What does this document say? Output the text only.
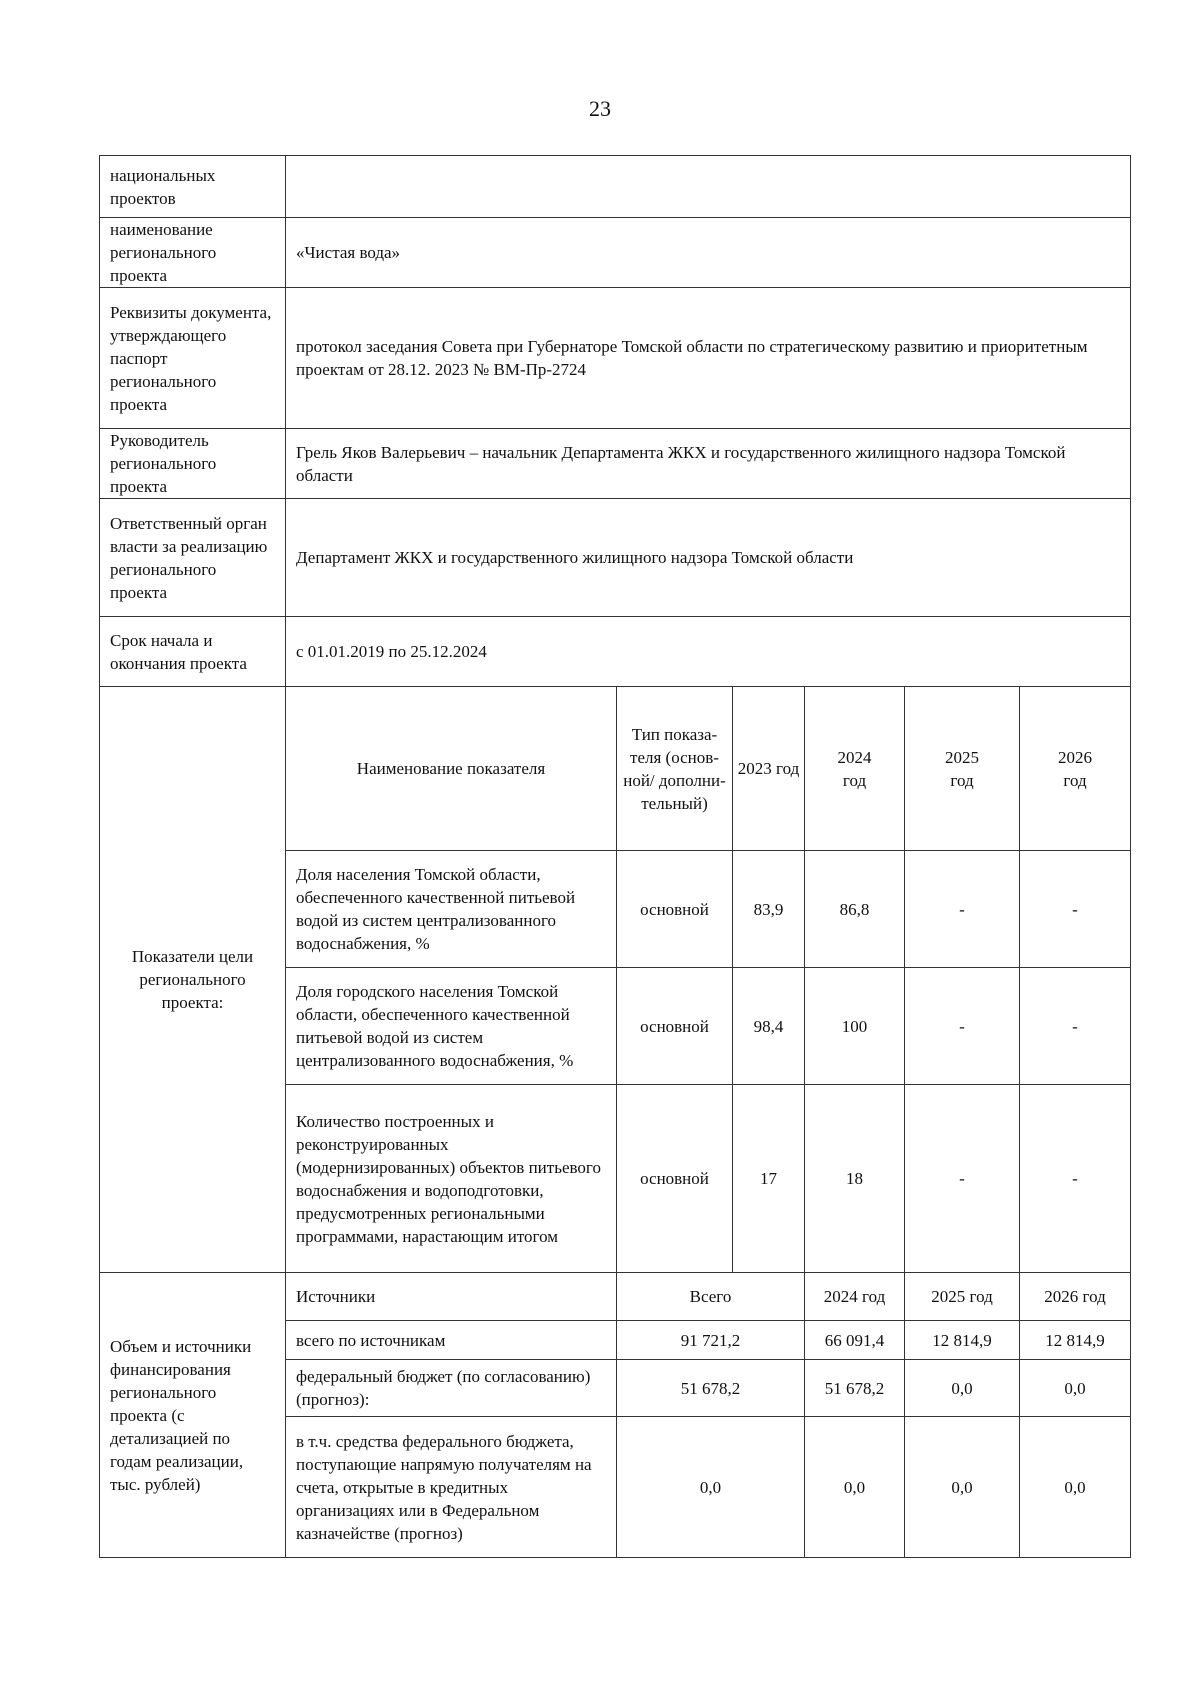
23
национальных проектов						
наименование регионального проекта	«Чистая вода»					
Реквизиты документа, утверждающего паспорт регионального проекта	протокол заседания Совета при Губернаторе Томской области по стратегическому развитию и приоритетным проектам от 28.12. 2023 № ВМ-Пр-2724					
Руководитель регионального проекта	Грель Яков Валерьевич – начальник Департамента ЖКХ и государственного жилищного надзора Томской области					
Ответственный орган власти за реализацию регионального проекта	Департамент ЖКХ и государственного жилищного надзора Томской области					
Срок начала и окончания проекта	с 01.01.2019 по 25.12.2024					
Показатели цели регионального проекта:	Наименование показателя	Тип показа-теля (основ-ной/ дополни-тельный)	2023 год	2024 год	2025 год	2026 год
	Доля населения Томской области, обеспеченного качественной питьевой водой из систем централизованного водоснабжения, %	основной	83,9	86,8	-	-
	Доля городского населения Томской области, обеспеченного качественной питьевой водой из систем централизованного водоснабжения, %	основной	98,4	100	-	-
	Количество построенных и реконструированных (модернизированных) объектов питьевого водоснабжения и водоподготовки, предусмотренных региональными программами, нарастающим итогом	основной	17	18	-	-
Объем и источники финансирования регионального проекта (с детализацией по годам реализации, тыс. рублей)	Источники	Всего		2024 год	2025 год	2026 год
	всего по источникам	91 721,2		66 091,4	12 814,9	12 814,9
	федеральный бюджет (по согласованию) (прогноз):	51 678,2		51 678,2	0,0	0,0
	в т.ч. средства федерального бюджета, поступающие напрямую получателям на счета, открытые в кредитных организациях или в Федеральном казначействе (прогноз)	0,0		0,0	0,0	0,0
